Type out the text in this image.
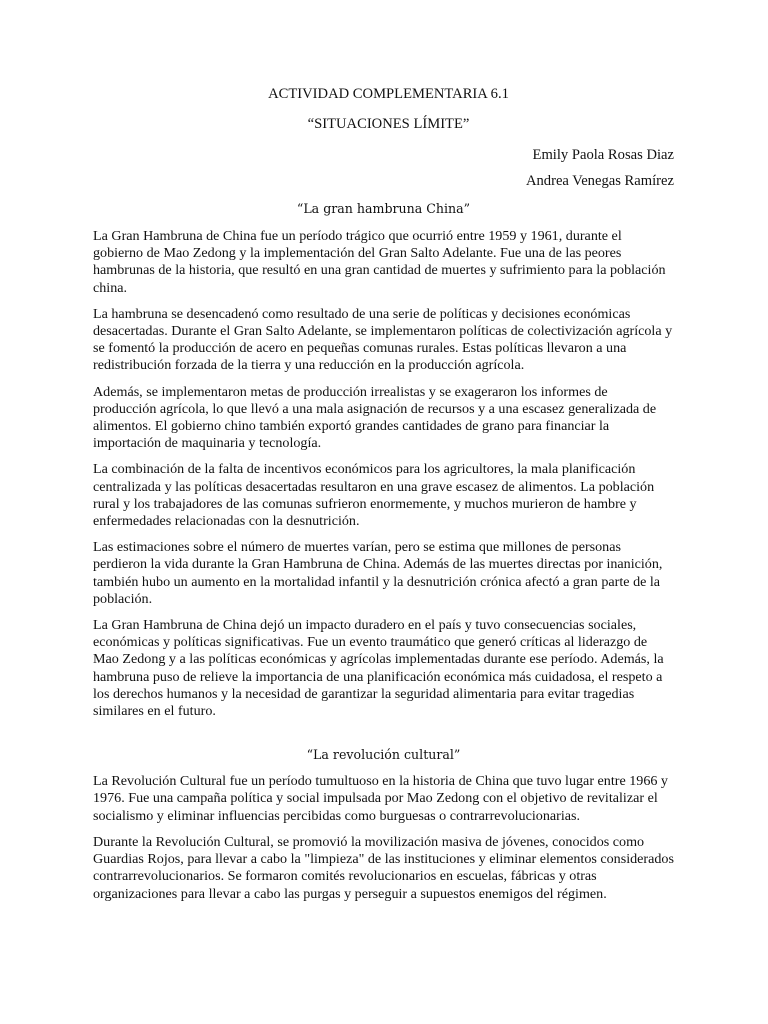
ACTIVIDAD COMPLEMENTARIA 6.1

“SITUACIONES LÍMITE”

Emily Paola Rosas Diaz

Andrea Venegas Ramírez

“La gran hambruna China”

La Gran Hambruna de China fue un período trágico que ocurrió entre 1959 y 1961, durante el gobierno de Mao Zedong y la implementación del Gran Salto Adelante. Fue una de las peores hambrunas de la historia, que resultó en una gran cantidad de muertes y sufrimiento para la población china.

La hambruna se desencadenó como resultado de una serie de políticas y decisiones económicas desacertadas. Durante el Gran Salto Adelante, se implementaron políticas de colectivización agrícola y se fomentó la producción de acero en pequeñas comunas rurales. Estas políticas llevaron a una redistribución forzada de la tierra y una reducción en la producción agrícola.

Además, se implementaron metas de producción irrealistas y se exageraron los informes de producción agrícola, lo que llevó a una mala asignación de recursos y a una escasez generalizada de alimentos. El gobierno chino también exportó grandes cantidades de grano para financiar la importación de maquinaria y tecnología.

La combinación de la falta de incentivos económicos para los agricultores, la mala planificación centralizada y las políticas desacertadas resultaron en una grave escasez de alimentos. La población rural y los trabajadores de las comunas sufrieron enormemente, y muchos murieron de hambre y enfermedades relacionadas con la desnutrición.

Las estimaciones sobre el número de muertes varían, pero se estima que millones de personas perdieron la vida durante la Gran Hambruna de China. Además de las muertes directas por inanición, también hubo un aumento en la mortalidad infantil y la desnutrición crónica afectó a gran parte de la población.

La Gran Hambruna de China dejó un impacto duradero en el país y tuvo consecuencias sociales, económicas y políticas significativas. Fue un evento traumático que generó críticas al liderazgo de Mao Zedong y a las políticas económicas y agrícolas implementadas durante ese período. Además, la hambruna puso de relieve la importancia de una planificación económica más cuidadosa, el respeto a los derechos humanos y la necesidad de garantizar la seguridad alimentaria para evitar tragedias similares en el futuro.

“La revolución cultural”

La Revolución Cultural fue un período tumultuoso en la historia de China que tuvo lugar entre 1966 y 1976. Fue una campaña política y social impulsada por Mao Zedong con el objetivo de revitalizar el socialismo y eliminar influencias percibidas como burguesas o contrarrevolucionarias.

Durante la Revolución Cultural, se promovió la movilización masiva de jóvenes, conocidos como Guardias Rojos, para llevar a cabo la "limpieza" de las instituciones y eliminar elementos considerados contrarrevolucionarios. Se formaron comités revolucionarios en escuelas, fábricas y otras organizaciones para llevar a cabo las purgas y perseguir a supuestos enemigos del régimen.
